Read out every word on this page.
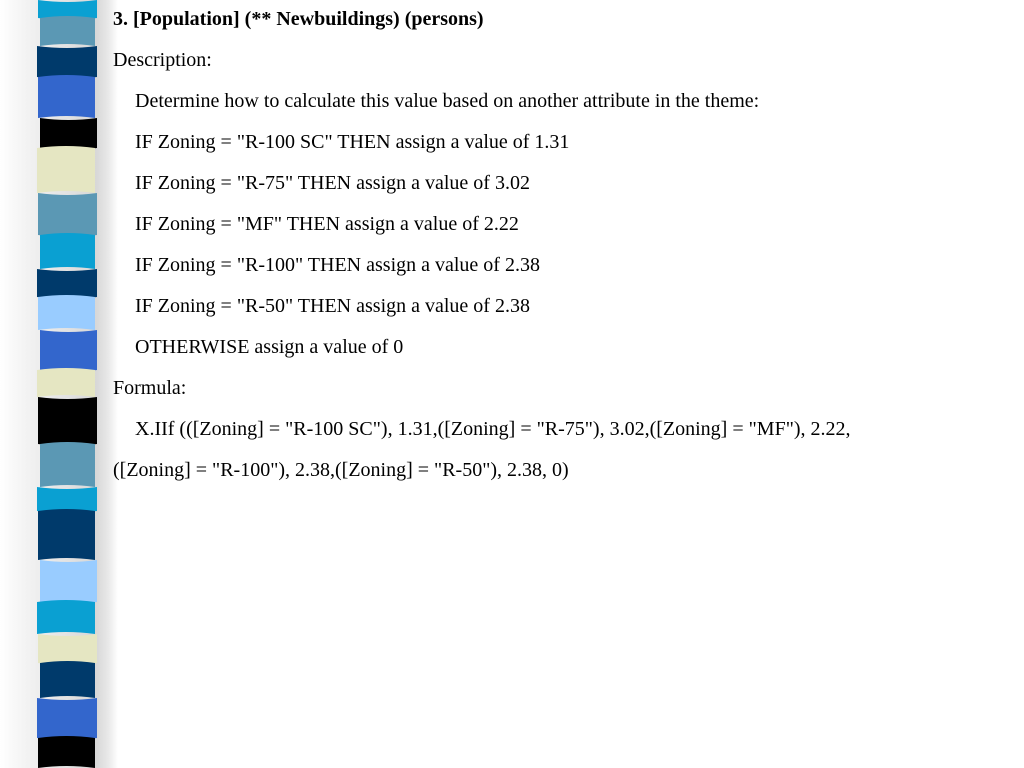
3. [Population] (** Newbuildings) (persons)
Description:
Determine how to calculate this value based on another attribute in the theme:
IF Zoning = "R-100 SC" THEN assign a value of 1.31
IF Zoning = "R-75" THEN assign a value of 3.02
IF Zoning = "MF" THEN assign a value of 2.22
IF Zoning = "R-100" THEN assign a value of 2.38
IF Zoning = "R-50" THEN assign a value of 2.38
OTHERWISE assign a value of 0
Formula:
X.IIf (([Zoning] = "R-100 SC"), 1.31,([Zoning] = "R-75"), 3.02,([Zoning] = "MF"), 2.22,
([Zoning] = "R-100"), 2.38,([Zoning] = "R-50"), 2.38, 0)
